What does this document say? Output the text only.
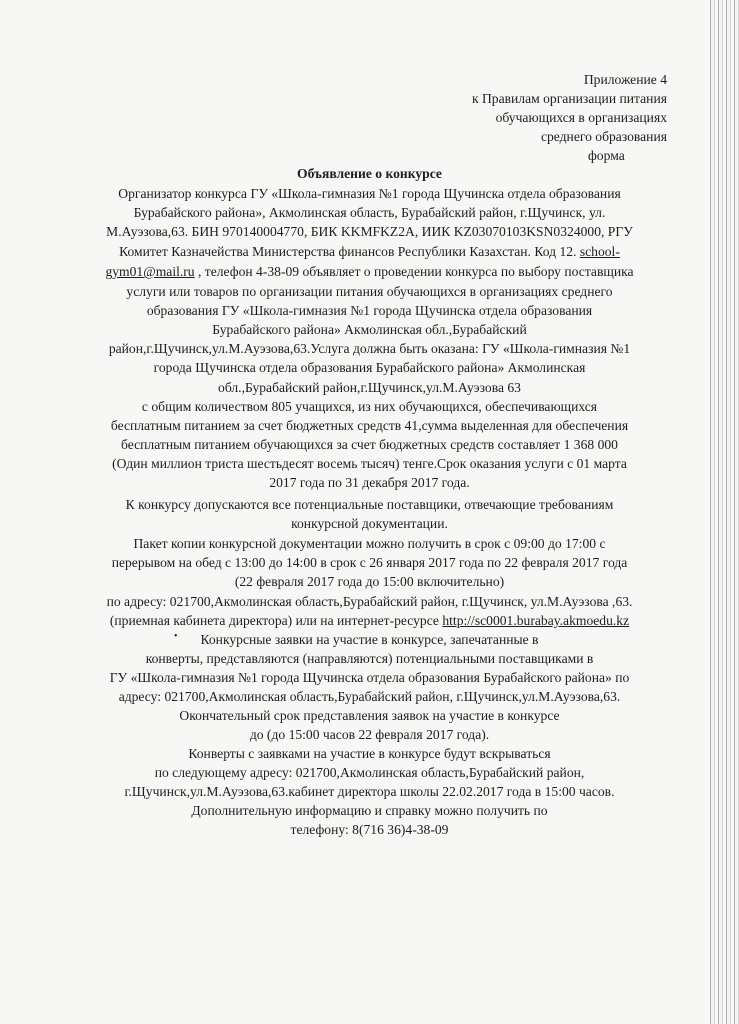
Приложение 4
к Правилам организации питания
обучающихся в организациях
среднего образования
форма
Объявление о конкурсе
Организатор конкурса ГУ «Школа-гимназия №1 города Щучинска отдела образования
Бурабайского района», Акмолинская область, Бурабайский район, г.Щучинск, ул.
М.Ауэзова,63. БИН 970140004770, БИК KKMFKZ2A, ИИК KZ03070103KSN0324000, РГУ
Комитет Казначейства Министерства финансов Республики Казахстан. Код 12. school-
gym01@mail.ru , телефон 4-38-09 объявляет о проведении конкурса по выбору поставщика
услуги или товаров по организации питания обучающихся в организациях среднего
образования ГУ «Школа-гимназия №1 города Щучинска отдела образования
Бурабайского района» Акмолинская обл.,Бурабайский
район,г.Щучинск,ул.М.Ауэзова,63.Услуга должна быть оказана: ГУ «Школа-гимназия №1
города Щучинска отдела образования Бурабайского района» Акмолинская
обл.,Бурабайский район,г.Щучинск,ул.М.Ауэзова 63
с общим количеством 805 учащихся, из них обучающихся, обеспечивающихся
бесплатным питанием за счет бюджетных средств 41,сумма выделенная для обеспечения
бесплатным питанием обучающихся за счет бюджетных средств составляет 1 368 000
(Один миллион триста шестьдесят восемь тысяч) тенге.Срок оказания услуги с 01 марта
2017 года по 31 декабря 2017 года.
К конкурсу допускаются все потенциальные поставщики, отвечающие требованиям
конкурсной документации.
Пакет копии конкурсной документации можно получить в срок с 09:00 до 17:00 с
перерывом на обед с 13:00 до 14:00 в срок с 26 января 2017 года по 22 февраля 2017 года
(22 февраля 2017 года до 15:00 включительно)
по адресу: 021700,Акмолинская область,Бурабайский район, г.Щучинск, ул.М.Ауэзова ,63.
(приемная кабинета директора) или на интернет-ресурсе http://sc0001.burabay.akmoedu.kz
•	Конкурсные заявки на участие в конкурсе, запечатанные в
конверты, представляются (направляются) потенциальными поставщиками в
ГУ «Школа-гимназия №1 города Щучинска отдела образования Бурабайского района» по
адресу: 021700,Акмолинская область,Бурабайский район, г.Щучинск,ул.М.Ауэзова,63.
Окончательный срок представления заявок на участие в конкурсе
до (до 15:00 часов 22 февраля 2017 года).
Конверты с заявками на участие в конкурсе будут вскрываться
по следующему адресу: 021700,Акмолинская область,Бурабайский район,
г.Щучинск,ул.М.Ауэзова,63.кабинет директора школы 22.02.2017 года в 15:00 часов.
Дополнительную информацию и справку можно получить по
телефону: 8(716 36)4-38-09
